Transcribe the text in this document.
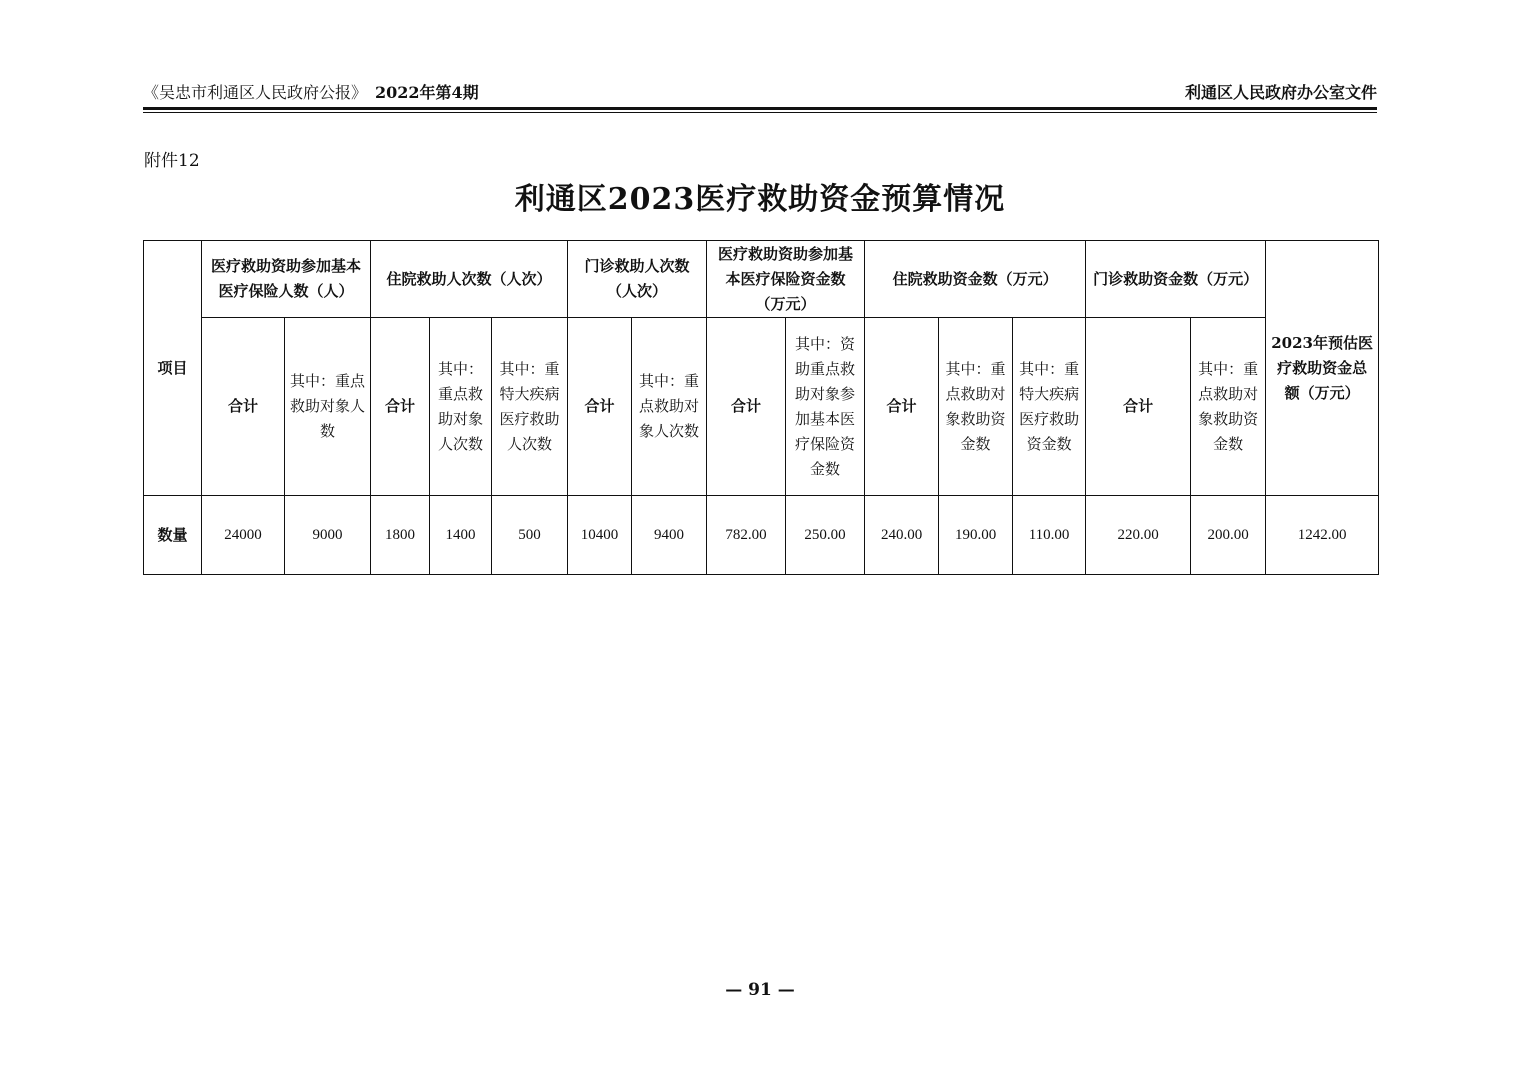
《吴忠市利通区人民政府公报》 2022年第4期	利通区人民政府办公室文件
附件12
利通区2023医疗救助资金预算情况
项目	医疗救助资助参加基本医疗保险人数（人）		住院救助人次数（人次）			门诊救助人次数（人次）		医疗救助资助参加基本医疗保险资金数（万元）		住院救助资金数（万元）			门诊救助资金数（万元）		2023年预估医疗救助资金总额（万元）
	合计	其中：重点救助对象人数	合计	其中：重点救助对象人次数	其中：重特大疾病医疗救助人次数	合计	其中：重点救助对象人次数	合计	其中：资助重点救助对象参加基本医疗保险资金数	合计	其中：重点救助对象救助资金数	其中：重特大疾病医疗救助资金数	合计	其中：重点救助对象救助资金数	
数量	24000	9000	1800	1400	500	10400	9400	782.00	250.00	240.00	190.00	110.00	220.00	200.00	1242.00
— 91 —
